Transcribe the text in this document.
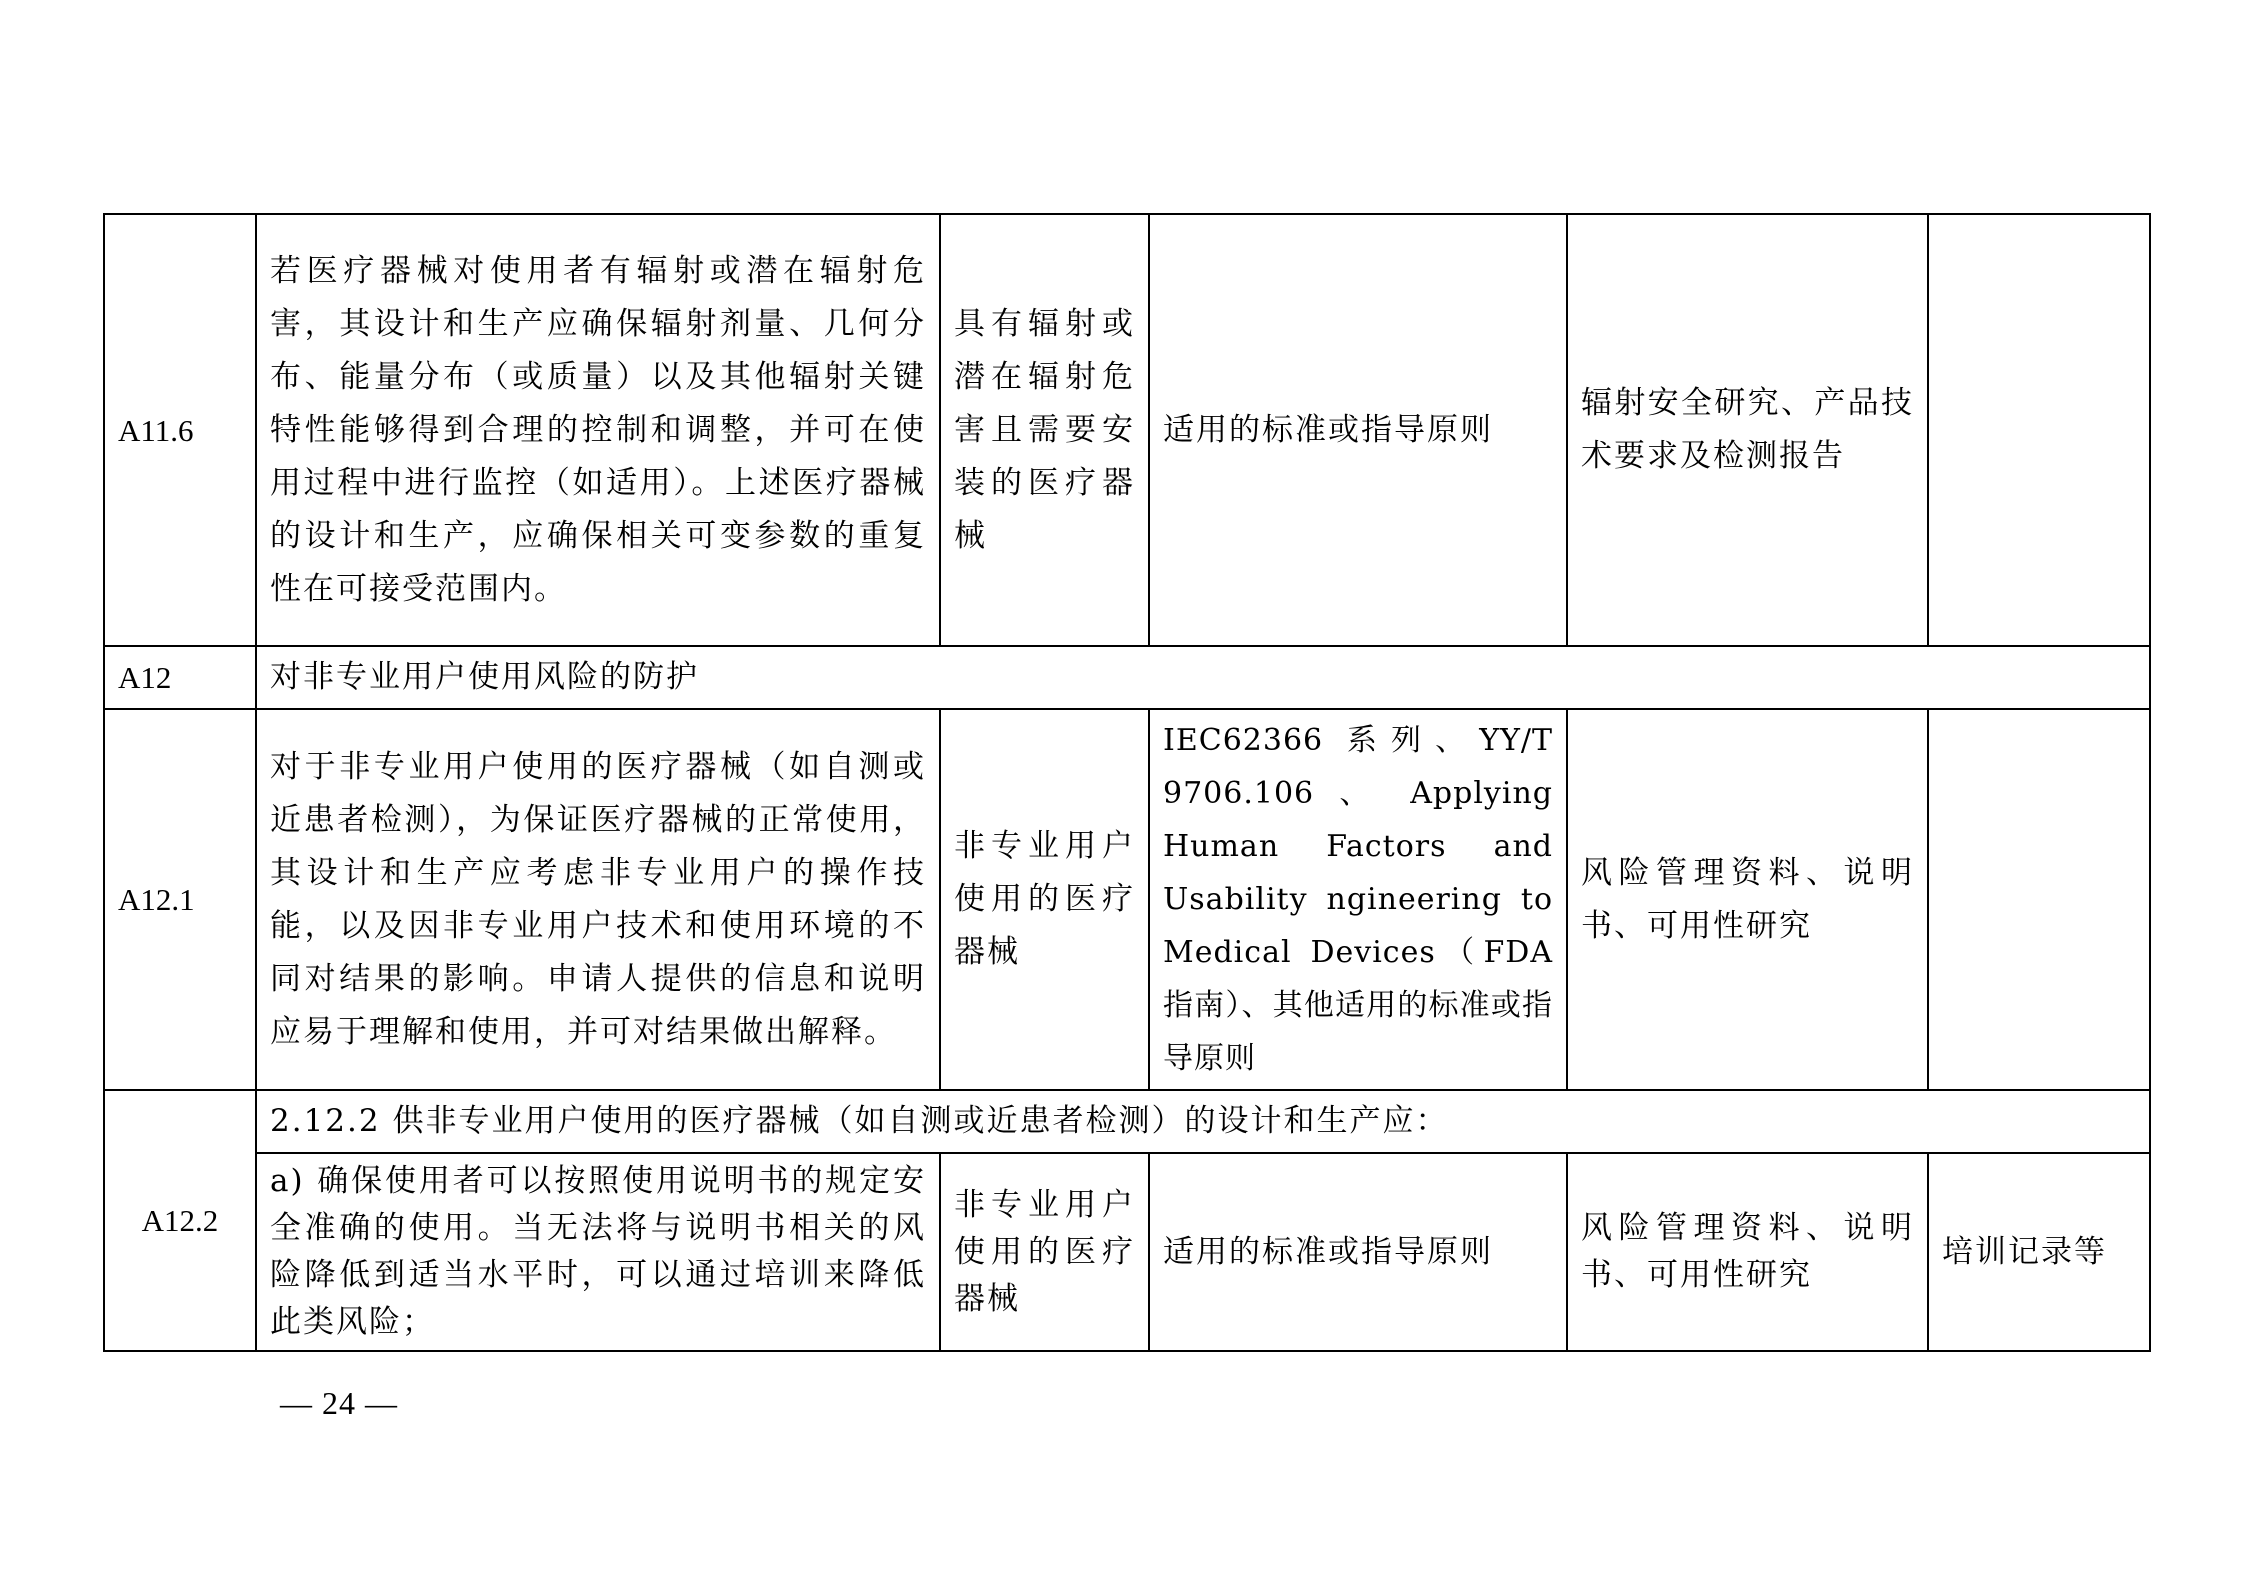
A11.6	若医疗器械对使用者有辐射或潜在辐射危害，其设计和生产应确保辐射剂量、几何分布、能量分布（或质量）以及其他辐射关键特性能够得到合理的控制和调整，并可在使用过程中进行监控（如适用）。上述医疗器械的设计和生产，应确保相关可变参数的重复性在可接受范围内。	具有辐射或潜在辐射危害且需要安装的医疗器械	适用的标准或指导原则	辐射安全研究、产品技术要求及检测报告	
A12	对非专业用户使用风险的防护				
A12.1	对于非专业用户使用的医疗器械（如自测或近患者检测），为保证医疗器械的正常使用，其设计和生产应考虑非专业用户的操作技能，以及因非专业用户技术和使用环境的不同对结果的影响。申请人提供的信息和说明应易于理解和使用，并可对结果做出解释。	非专业用户使用的医疗器械	IEC62366 系列、YY/T 9706.106 、 Applying Human Factors and Usability ngineering to Medical Devices（FDA 指南）、其他适用的标准或指导原则	风险管理资料、说明书、可用性研究	
A12.2	2.12.2 供非专业用户使用的医疗器械（如自测或近患者检测）的设计和生产应：				
	a) 确保使用者可以按照使用说明书的规定安全准确的使用。当无法将与说明书相关的风险降低到适当水平时，可以通过培训来降低此类风险；	非专业用户使用的医疗器械	适用的标准或指导原则	风险管理资料、说明书、可用性研究	培训记录等
— 24 —
